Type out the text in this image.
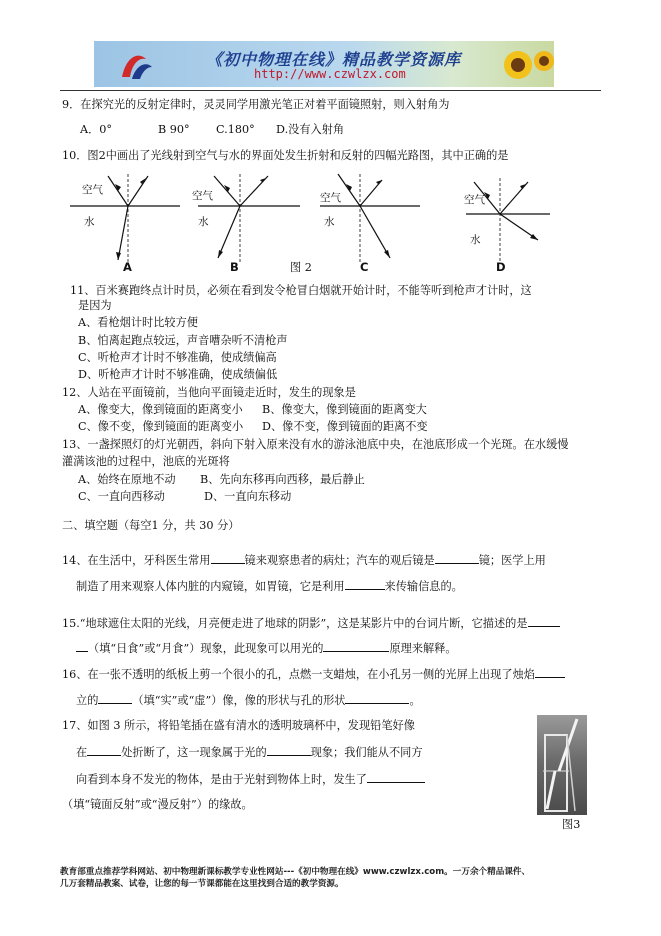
《初中物理在线》精品教学资源库
http://www.czwlzx.com
9．在探究光的反射定律时，灵灵同学用激光笔正对着平面镜照射，则入射角为
A．0°	B 90° C.180° D.没有入射角
10．图2中画出了光线射到空气与水的界面处发生折射和反射的四幅光路图，其中正确的是
空气
水
A
空气
水
B
空气
水
C
空气
水
D
图 2
11、百米赛跑终点计时员，必须在看到发令枪冒白烟就开始计时，不能等听到枪声才计时，这
是因为
A、看枪烟计时比较方便
B、怕离起跑点较远，声音嘈杂听不清枪声
C、听枪声才计时不够准确，使成绩偏高
D、听枪声才计时不够准确，使成绩偏低
12、人站在平面镜前，当他向平面镜走近时，发生的现象是
A、像变大，像到镜面的距离变小 B、像变大，像到镜面的距离变大
C、像不变，像到镜面的距离变小 D、像不变，像到镜面的距离不变
13、一盏探照灯的灯光朝西，斜向下射入原来没有水的游泳池底中央，在池底形成一个光斑。在水缓慢
灌满该池的过程中，池底的光斑将
A、始终在原地不动 B、先向东移再向西移，最后静止
C、一直向西移动	D、一直向东移动
二、填空题（每空1 分，共 30 分）
14、在生活中，牙科医生常用	镜来观察患者的病灶；汽车的观后镜是	镜；医学上用
制造了用来观察人体内脏的内窥镜，如胃镜，它是利用	来传输信息的。
15.“地球遮住太阳的光线，月亮便走进了地球的阴影”，这是某影片中的台词片断，它描述的是
（填“日食”或“月食”）现象，此现象可以用光的	原理来解释。
16、在一张不透明的纸板上剪一个很小的孔，点燃一支蜡烛，在小孔另一侧的光屏上出现了烛焰
立的	（填“实”或“虚”）像，像的形状与孔的形状	。
17、如图 3 所示，将铅笔插在盛有清水的透明玻璃杯中，发现铅笔好像
在	处折断了，这一现象属于光的	现象；我们能从不同方
向看到本身不发光的物体，是由于光射到物体上时，发生了
（填“镜面反射”或“漫反射”）的缘故。
图3
教育部重点推荐学科网站、初中物理新课标教学专业性网站---《初中物理在线》www.czwlzx.com。一万余个精品课件、
几万套精品教案、试卷，让您的每一节课都能在这里找到合适的教学资源。
